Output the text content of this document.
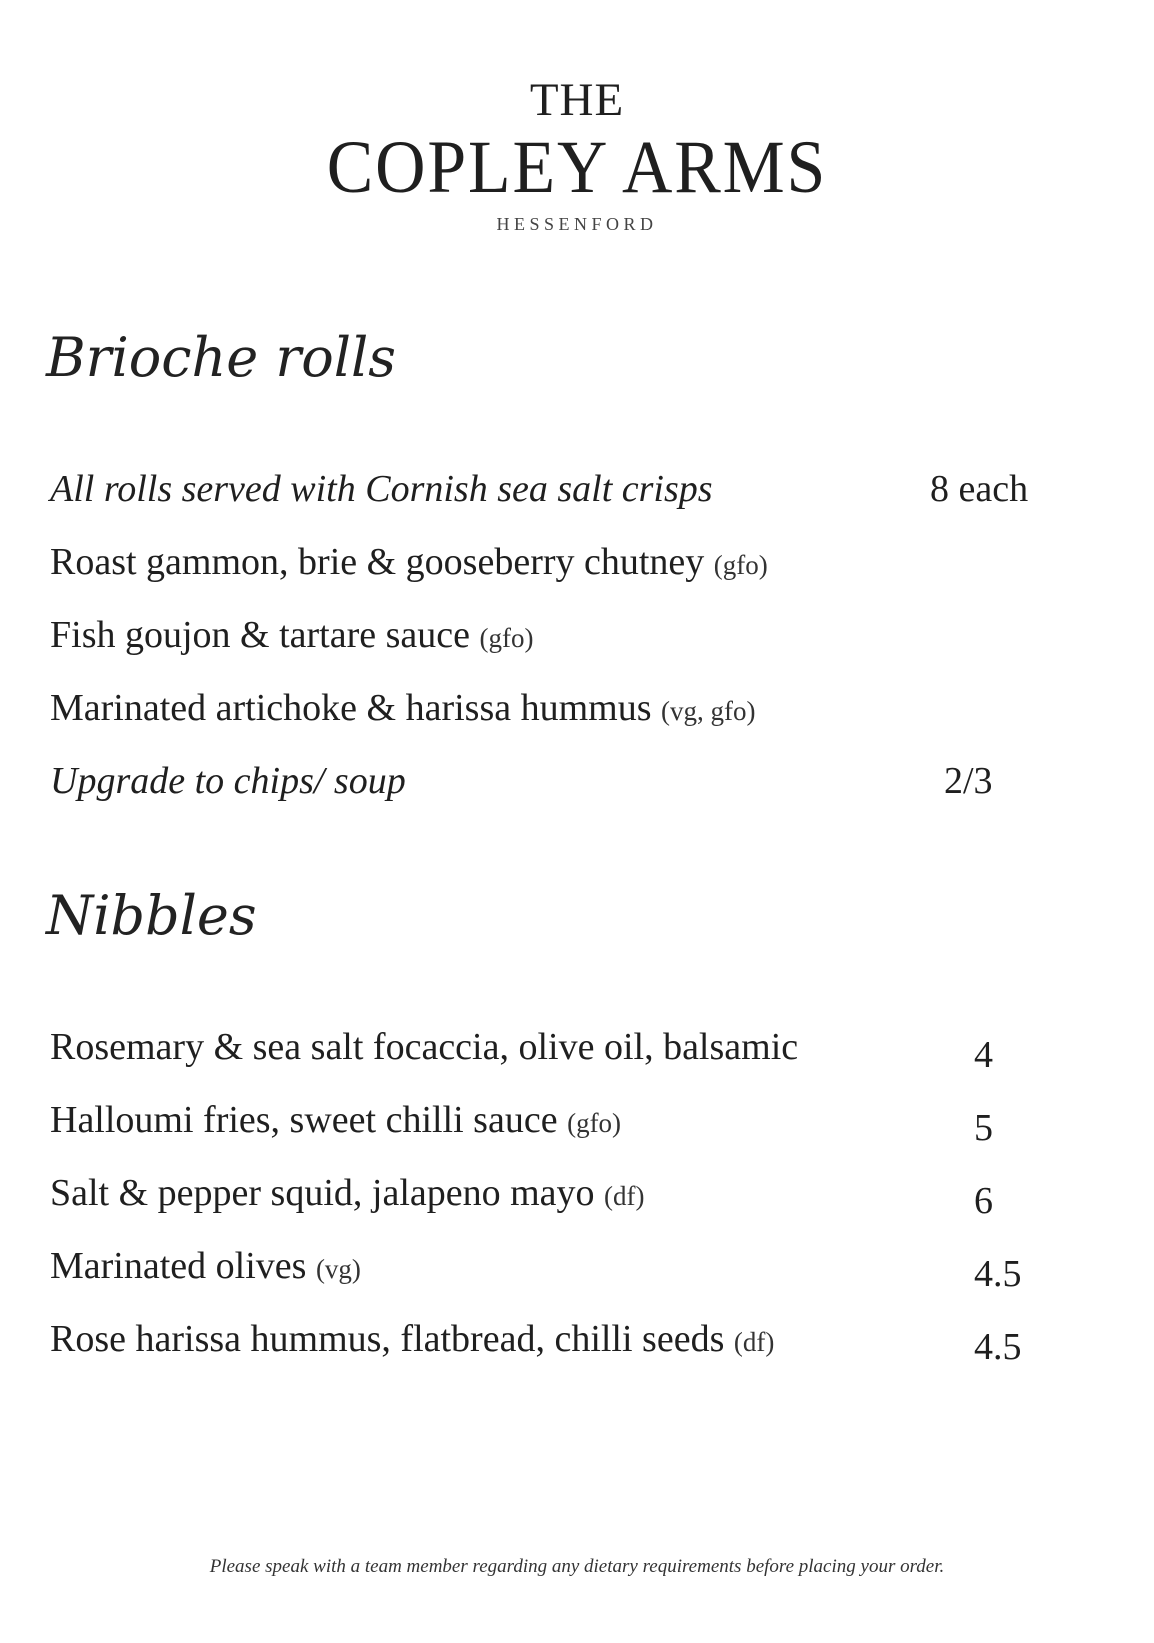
THE
COPLEY ARMS
HESSENFORD
Brioche rolls
All rolls served with Cornish sea salt crisps	8 each
Roast gammon, brie & gooseberry chutney (gfo)
Fish goujon & tartare sauce (gfo)
Marinated artichoke & harissa hummus (vg, gfo)
Upgrade to chips/ soup	2/3
Nibbles
Rosemary & sea salt focaccia, olive oil, balsamic	4
Halloumi fries, sweet chilli sauce (gfo)	5
Salt & pepper squid, jalapeno mayo (df)	6
Marinated olives (vg)	4.5
Rose harissa hummus, flatbread, chilli seeds (df)	4.5
Please speak with a team member regarding any dietary requirements before placing your order.
